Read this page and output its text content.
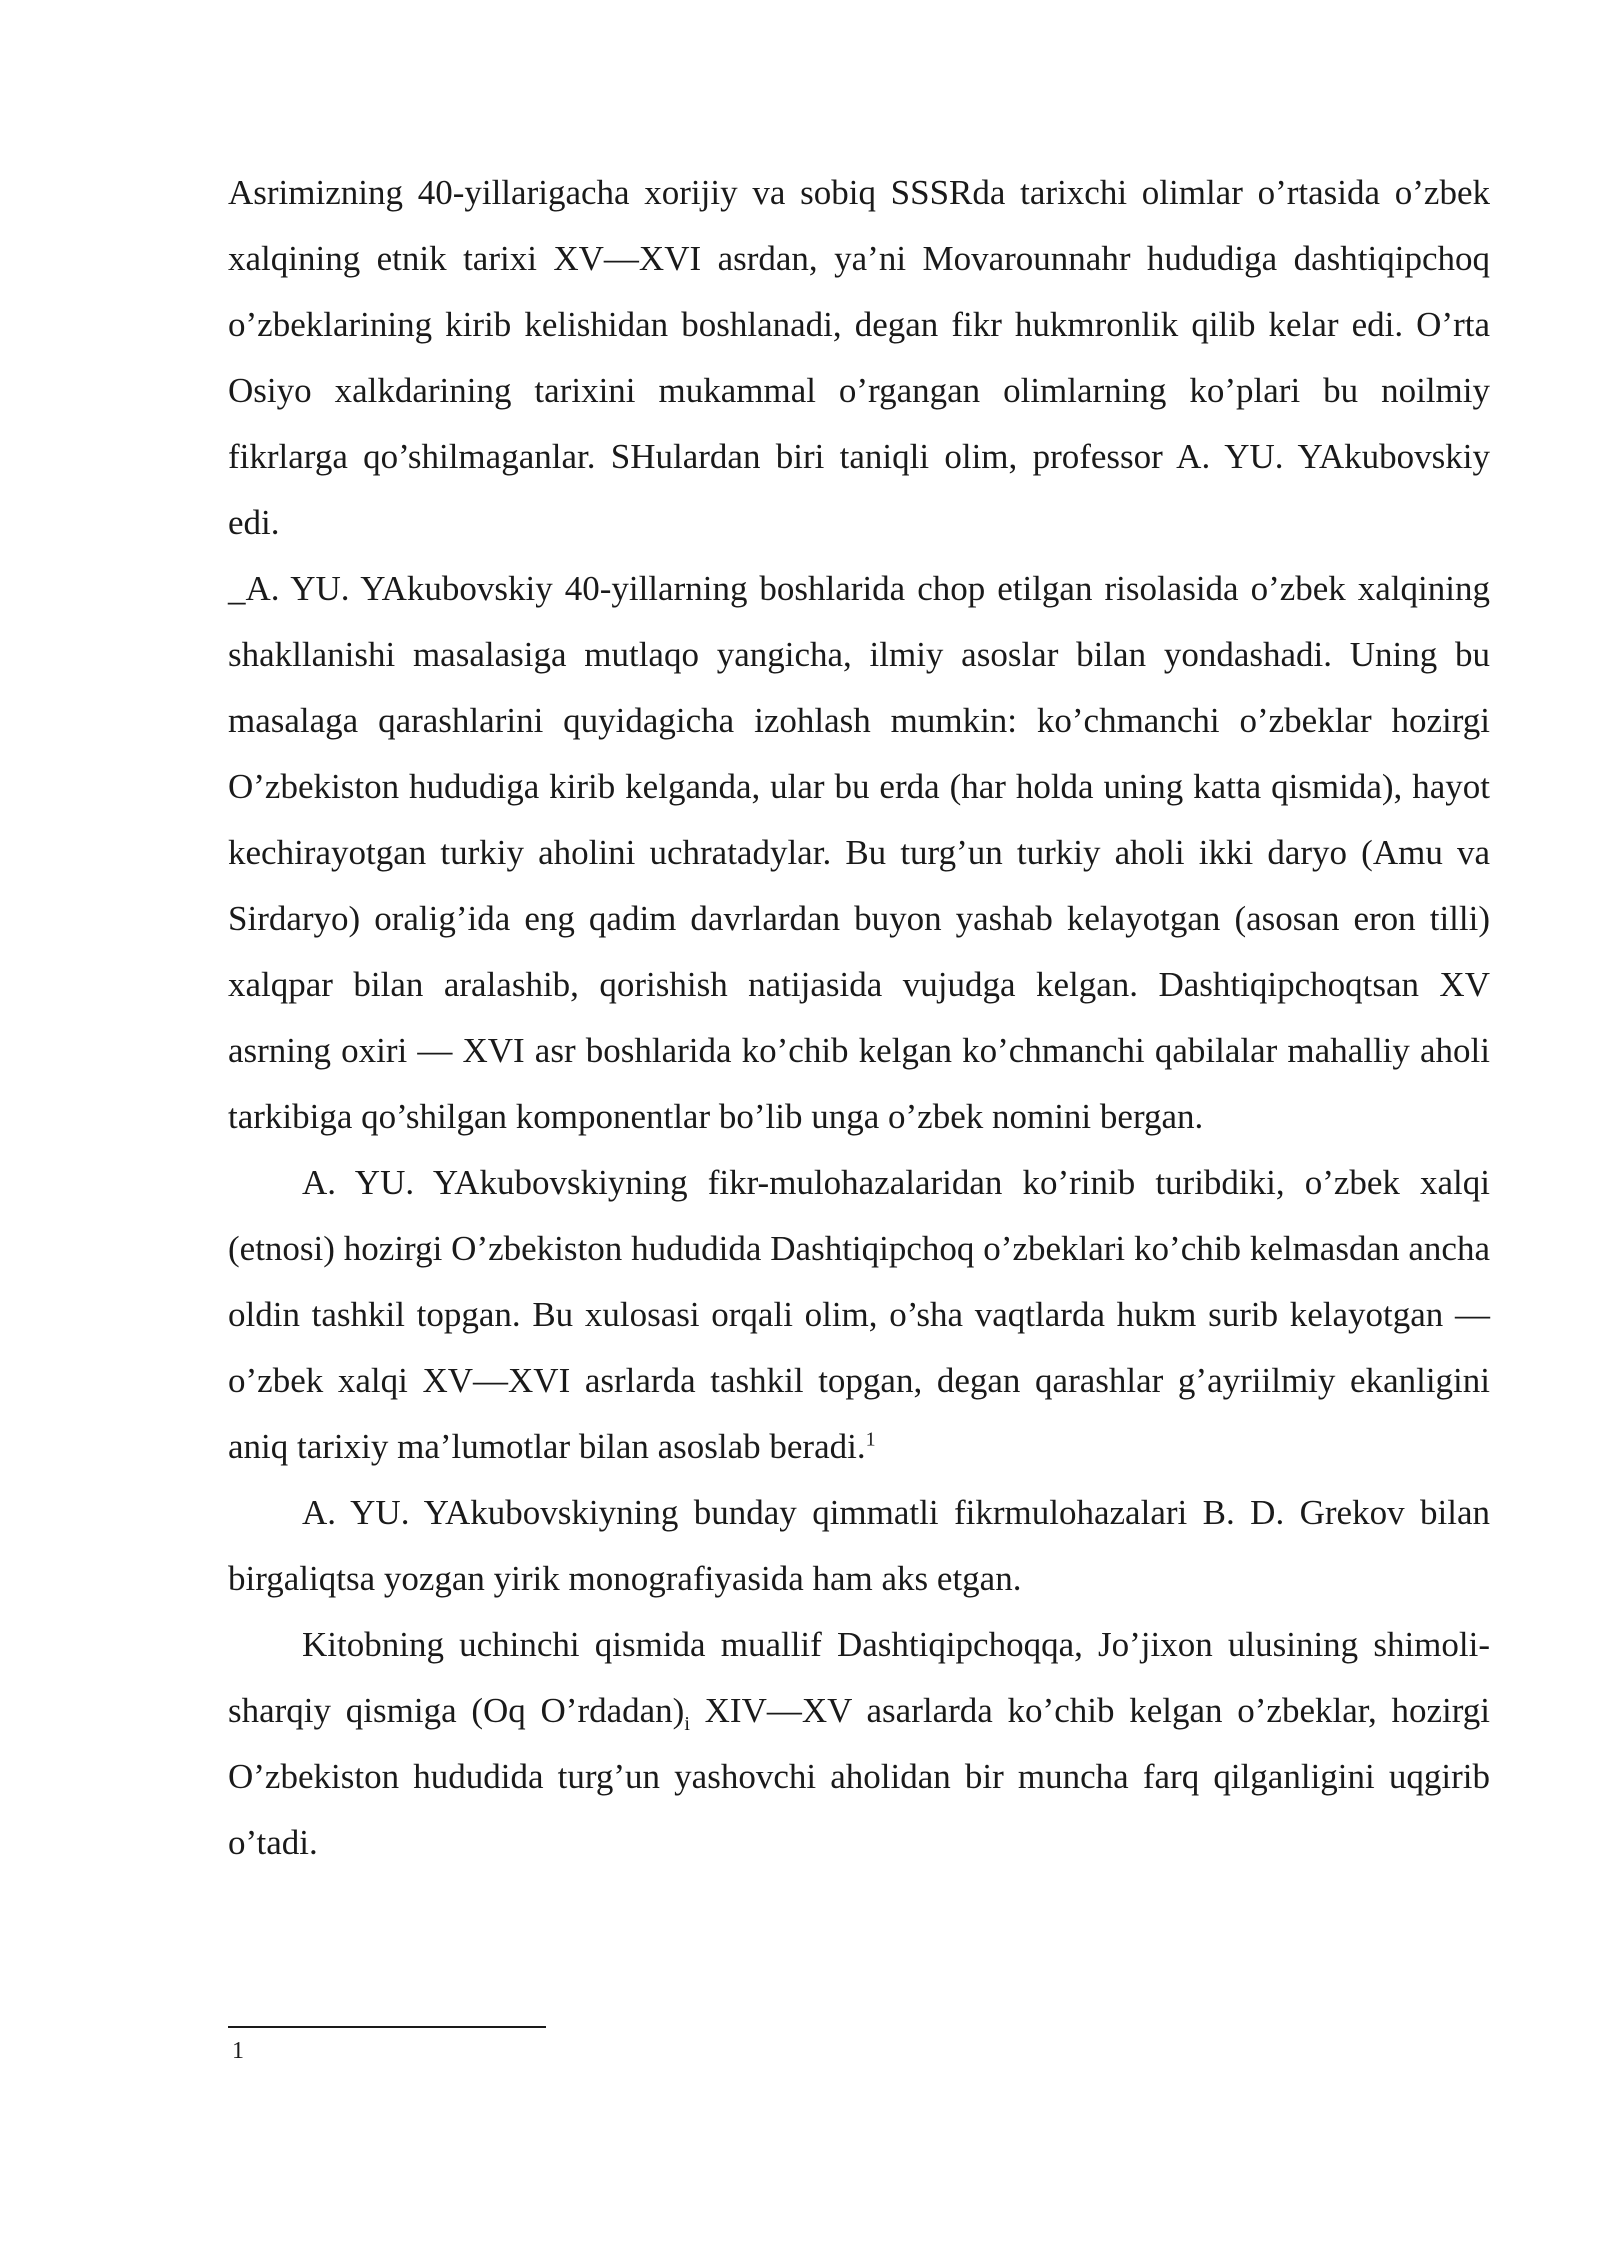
Asrimizning 40-yillarigacha xorijiy va sobiq SSSRda tarixchi olimlar o’rtasida o’zbek xalqining etnik tarixi XV—XVI asrdan, ya’ni Movarounnahr hududiga dashtiqipchoq o’zbeklarining kirib kelishidan boshlanadi, degan fikr hukmronlik qilib kelar edi. O’rta Osiyo xalkdarining tarixini mukammal o’rgangan olimlarning ko’plari bu noilmiy fikrlarga qo’shilmaganlar. SHulardan biri taniqli olim, professor A. YU. YAkubovskiy edi.

_A. YU. YAkubovskiy 40-yillarning boshlarida chop etilgan risolasida o’zbek xalqining shakllanishi masalasiga mutlaqo yangicha, ilmiy asoslar bilan yondashadi. Uning bu masalaga qarashlarini quyidagicha izohlash mumkin: ko’chmanchi o’zbeklar hozirgi O’zbekiston hududiga kirib kelganda, ular bu erda (har holda uning katta qismida), hayot kechirayotgan turkiy aholini uchratadylar. Bu turg’un turkiy aholi ikki daryo (Amu va Sirdaryo) oralig’ida eng qadim davrlardan buyon yashab kelayotgan (asosan eron tilli) xalqpar bilan aralashib, qorishish natijasida vujudga kelgan. Dashtiqipchoqtsan XV asrning oxiri — XVI asr boshlarida ko’chib kelgan ko’chmanchi qabilalar mahalliy aholi tarkibiga qo’shilgan komponentlar bo’lib unga o’zbek nomini bergan.

A. YU. YAkubovskiyning fikr-mulohazalaridan ko’rinib turibdiki, o’zbek xalqi (etnosi) hozirgi O’zbekiston hududida Dashtiqipchoq o’zbeklari ko’chib kelmasdan ancha oldin tashkil topgan. Bu xulosasi orqali olim, o’sha vaqtlarda hukm surib kelayotgan — o’zbek xalqi XV—XVI asrlarda tashkil topgan, degan qarashlar g’ayriilmiy ekanligini aniq tarixiy ma’lumotlar bilan asoslab beradi.$^1$

A. YU. YAkubovskiyning bunday qimmatli fikrmulohazalari B. D. Grekov bilan birgaliqtsa yozgan yirik monografiyasida ham aks etgan.

Kitobning uchinchi qismida muallif Dashtiqipchoqqa, Jo’jixon ulusining shimoli-sharqiy qismiga (Oq $O’rdadan)_i$ XIV—XV asarlarda ko’chib kelgan o’zbeklar, hozirgi O’zbekiston hududida turg’un yashovchi aholidan bir muncha farq qilganligini uqgirib o’tadi.

1
